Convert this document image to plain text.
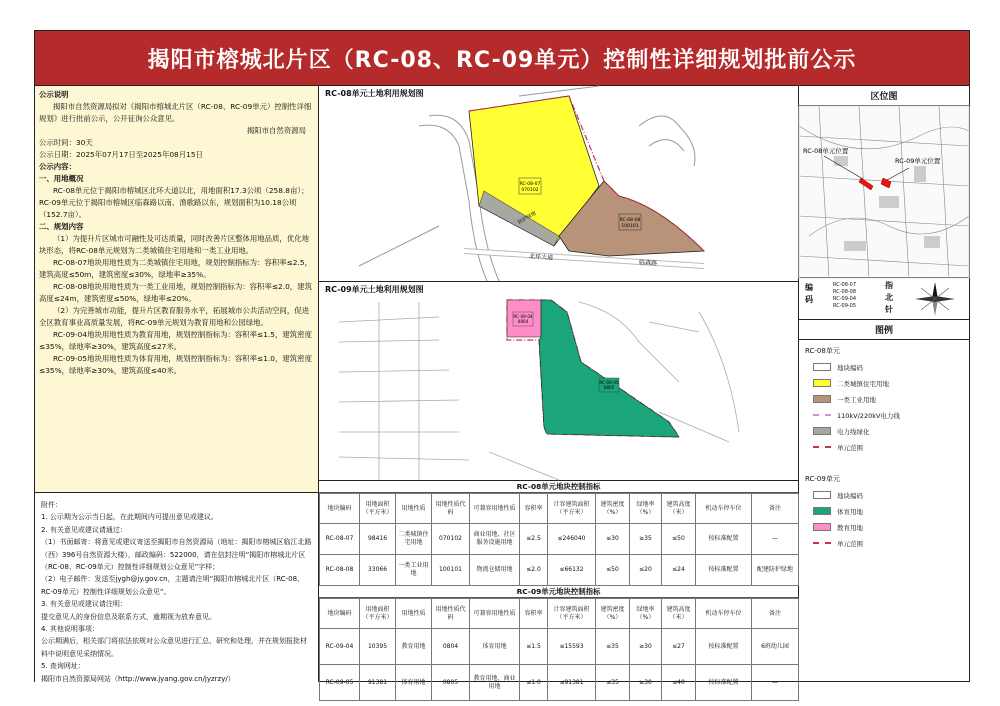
揭阳市榕城北片区（RC-08、RC-09单元）控制性详细规划批前公示
公示说明
揭阳市自然资源局拟对《揭阳市榕城北片区（RC-08、RC-09单元）控制性详细规划》进行批前公示，公开征询公众意见。
揭阳市自然资源局
公示时间：30天
公示日期：2025年07月17日至2025年08月15日
公示内容：
一、用地概况
RC-08单元位于揭阳市榕城区北环大道以北，用地面积17.3公顷（258.8亩）；RC-09单元位于揭阳市榕城区临森路以南、渔歌路以东，规划面积为10.18公顷（152.7亩）。
二、规划内容
（1）为提升片区城市可融性及可达质量，同时改善片区整体用地品质，优化地块形态，将RC-08单元规划为二类城镇住宅用地和一类工业用地。
RC-08-07地块用地性质为二类城镇住宅用地，规划控制指标为：容积率≤2.5，建筑高度≤50m，建筑密度≤30%，绿地率≥35%。
RC-08-08地块用地性质为一类工业用地，规划控制指标为：容积率≤2.0，建筑高度≤24m，建筑密度≤50%，绿地率≤20%。
（2）为完善城市功能，提升片区教育服务水平，拓展城市公共活动空间，促进全区教育事业高质量发展，将RC-09单元规划为教育用地和公园绿地。
RC-09-04地块用地性质为教育用地，规划控制指标为：容积率≤1.5，建筑密度≤35%，绿地率≥30%，建筑高度≤27米。
RC-09-05地块用地性质为体育用地，规划控制指标为：容积率≤1.0，建筑密度≤35%，绿地率≥30%，建筑高度≤40米。
附件：
1. 公示期为公示当日起，在此期间内可提出意见或建议。
2. 有关意见或建议请通过：
（1）书面邮寄：将意见或建议寄送至揭阳市自然资源局（地址：揭阳市榕城区临江北路（西）396号自然资源大楼），邮政编码：522000，请在信封注明“揭阳市榕城北片区（RC-08、RC-09单元）控制性详细规划公众意见”字样；
（2）电子邮件：发送至jygh@jy.gov.cn，主题请注明“揭阳市榕城北片区（RC-08、RC-09单元）控制性详细规划公众意见”。
3. 有关意见或建议请注明：
提交意见人的身份信息及联系方式，逾期视为放弃意见。
4. 其他说明事项：
公示期满后，相关部门将依法依规对公众意见进行汇总、研究和处理，并在规划报批材料中说明意见采纳情况。
5. 查询网址：
揭阳市自然资源局网站（http://www.jyang.gov.cn/jyzrzy/）
RC-08单元土地利用规划图
RC-08-07
070102
RC-08-08
100101
防护绿地
北环大道
临森路
RC-09单元土地利用规划图
RC-09-04
0804
RC-09-05
0805
区位图
RC-08单元位置
RC-09单元位置
编码
RC-08-07
RC-08-08
RC-09-04
RC-09-05
指北针
图例
RC-08单元
地块编码
二类城镇住宅用地
一类工业用地
110kV/220kV电力线
电力线绿化
单元范围
RC-09单元
地块编码
体育用地
教育用地
单元范围
RC-08单元地块控制指标
地块编码	用地面积（平方米）	用地性质	用地性质代码	可兼容用地性质	容积率	计容建筑面积（平方米）	建筑密度（%）	绿地率（%）	建筑高度（米）	机动车停车位	备注
RC-08-07	98416	二类城镇住宅用地	070102	商业用地、社区服务设施用地	≤2.5	≤246040	≤30	≥35	≤50	按标准配置	—
RC-08-08	33066	一类工业用地	100101	物流仓储用地	≤2.0	≤66132	≤50	≤20	≤24	按标准配置	配建防护绿地
RC-09单元地块控制指标
地块编码	用地面积（平方米）	用地性质	用地性质代码	可兼容用地性质	容积率	计容建筑面积（平方米）	建筑密度（%）	绿地率（%）	建筑高度（米）	机动车停车位	备注
RC-09-04	10395	教育用地	0804	体育用地	≤1.5	≤15593	≤35	≥30	≤27	按标准配置	6班幼儿园
RC-09-05	91381	体育用地	0805	教育用地、商业用地	≤1.0	≤91381	≤35	≥30	≤40	按标准配置	—
